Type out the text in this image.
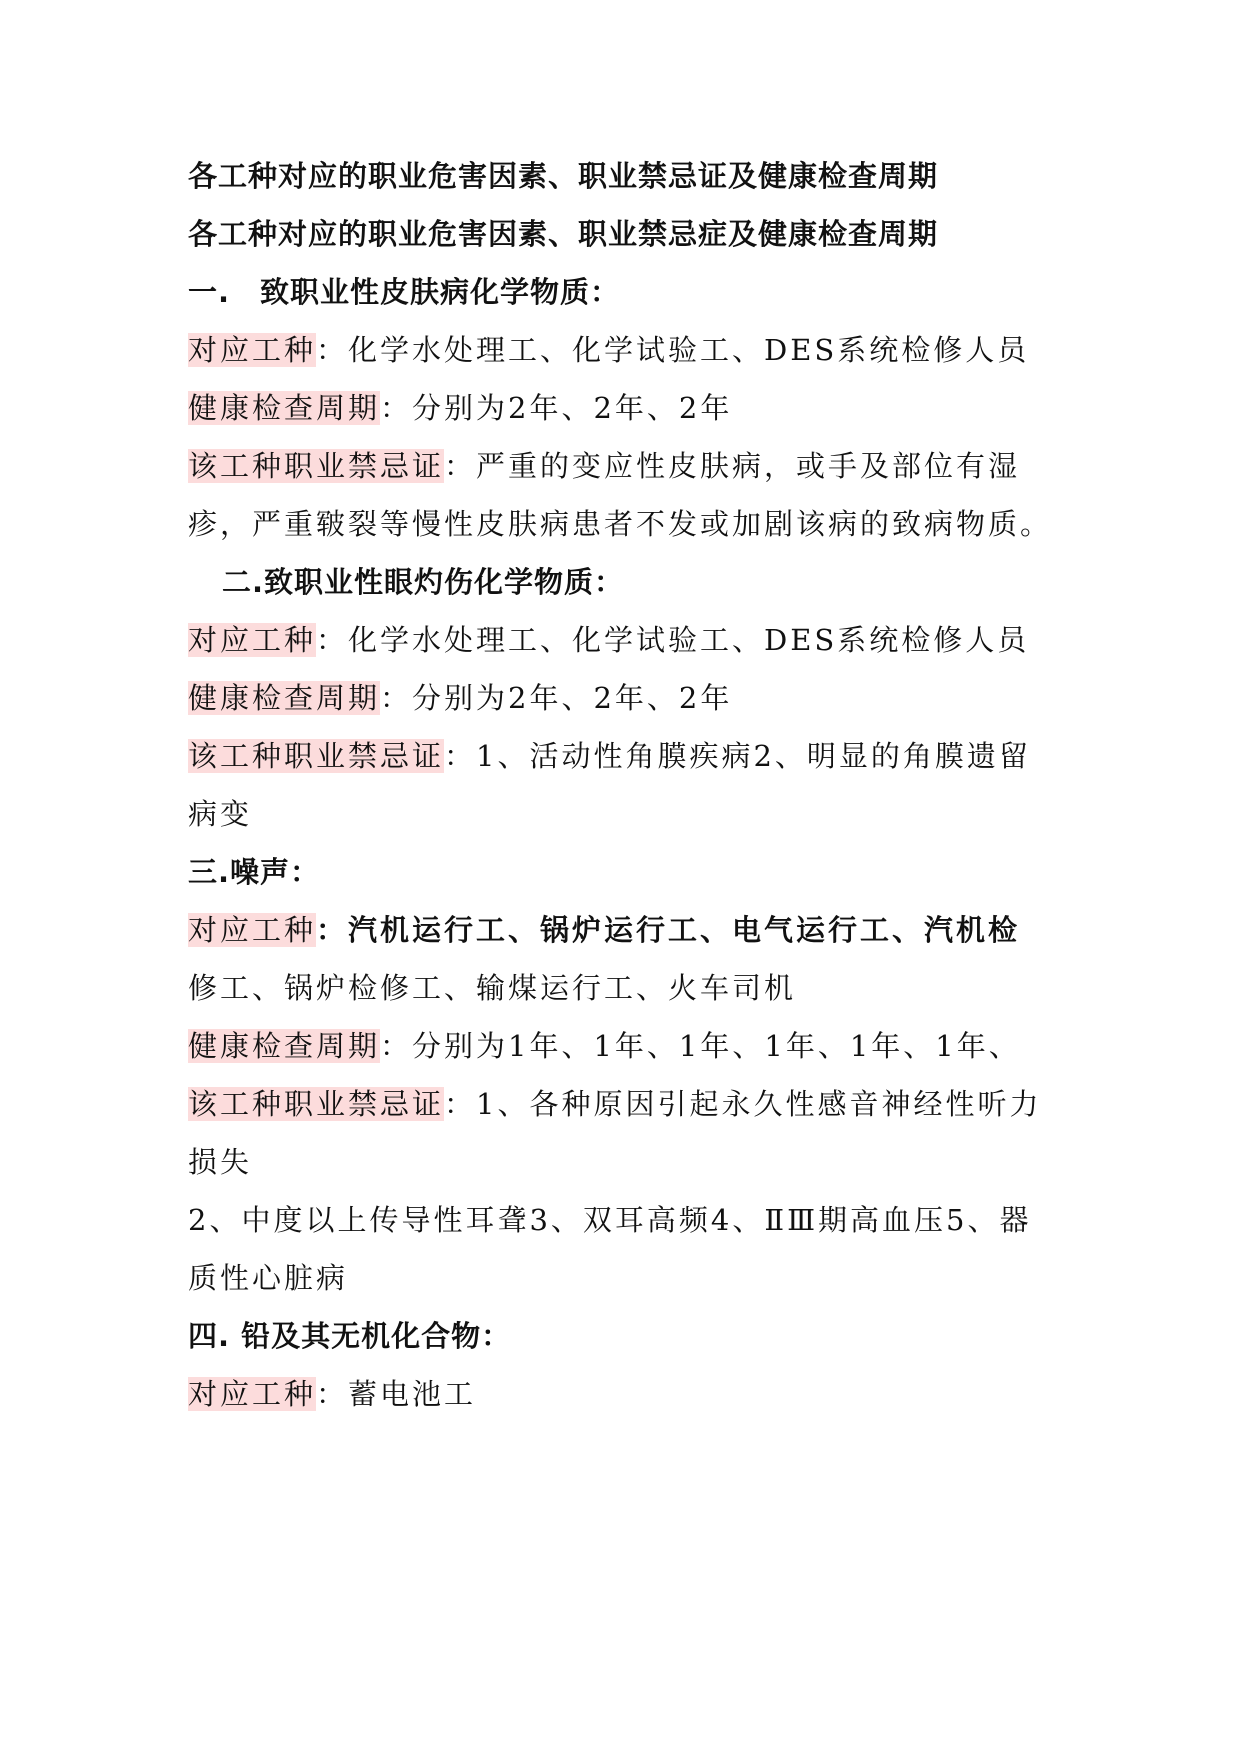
各工种对应的职业危害因素、职业禁忌证及健康检查周期
各工种对应的职业危害因素、职业禁忌症及健康检查周期
一.　致职业性皮肤病化学物质：
对应工种：化学水处理工、化学试验工、DES系统检修人员
健康检查周期：分别为2年、2年、2年
该工种职业禁忌证：严重的变应性皮肤病，或手及部位有湿
疹，严重皲裂等慢性皮肤病患者不发或加剧该病的致病物质。
二.致职业性眼灼伤化学物质：
对应工种：化学水处理工、化学试验工、DES系统检修人员
健康检查周期：分别为2年、2年、2年
该工种职业禁忌证：1、活动性角膜疾病2、明显的角膜遗留
病变
三.噪声：
对应工种：汽机运行工、锅炉运行工、电气运行工、汽机检
修工、锅炉检修工、输煤运行工、火车司机
健康检查周期：分别为1年、1年、1年、1年、1年、1年、
该工种职业禁忌证：1、各种原因引起永久性感音神经性听力
损失
2、中度以上传导性耳聋3、双耳高频4、ⅡⅢ期高血压5、器
质性心脏病
四. 铅及其无机化合物：
对应工种：蓄电池工
